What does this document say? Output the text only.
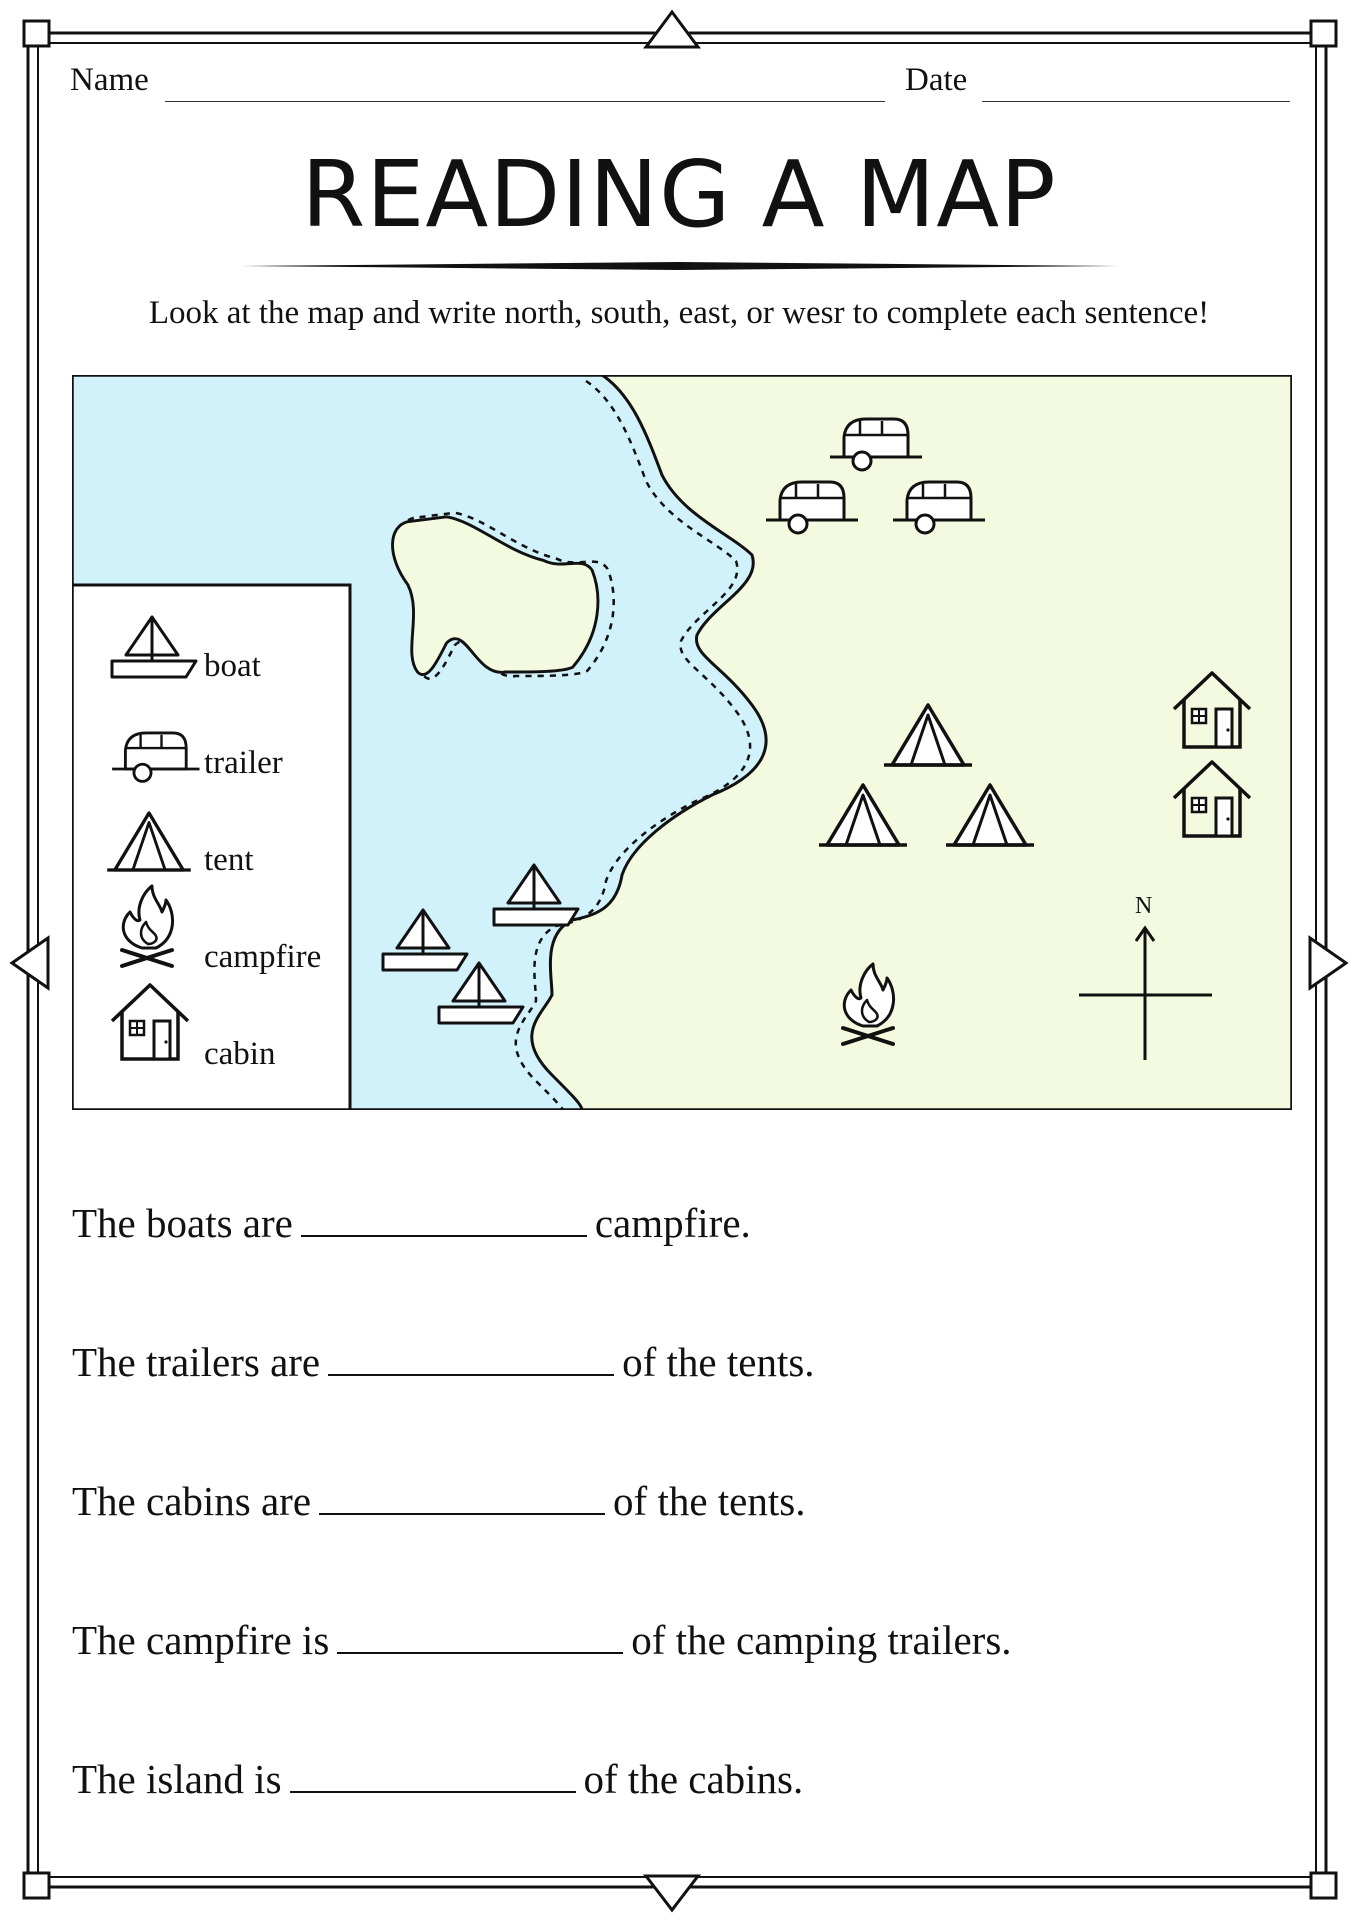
Name	Date
READING A MAP
Look at the map and write north, south, east, or wesr to complete each sentence!
boat
trailer
tent
campfire
cabin
N
The boats are	campfire.
The trailers are	of the tents.
The cabins are	of the tents.
The campfire is	of the camping trailers.
The island is	of the cabins.
